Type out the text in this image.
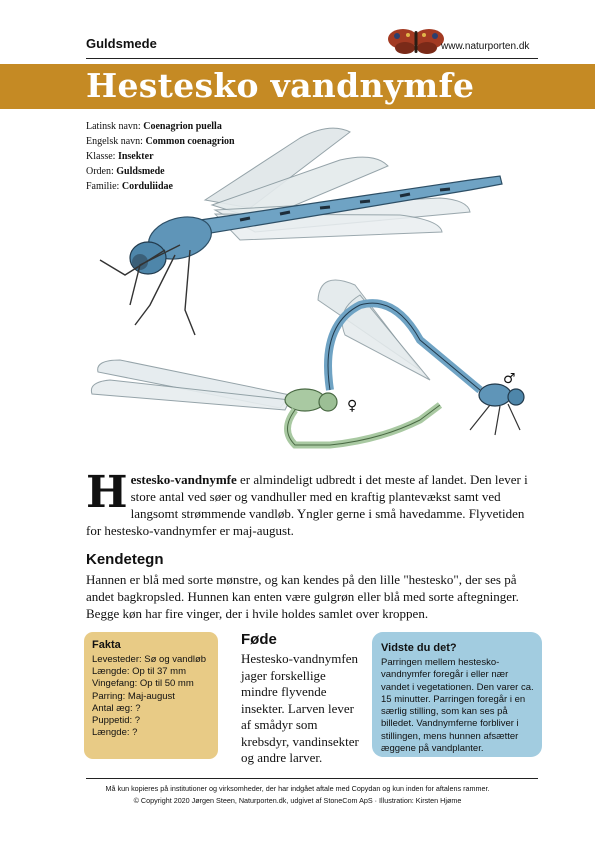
Guldsmede	www.naturporten.dk
Hestesko vandnymfe
Latinsk navn: Coenagrion puella
Engelsk navn: Common coenagrion
Klasse: Insekter
Orden: Guldsmede
Familie: Corduliidae
♀
♂
Hestesko-vandnymfe er almindeligt udbredt i det meste af landet. Den lever i store antal ved søer og vandhuller med en kraftig plantevækst samt ved langsomt strømmende vandløb. Yngler gerne i små havedamme. Flyvetiden for hestesko-vandnymfer er maj-august.
Kendetegn
Hannen er blå med sorte mønstre, og kan kendes på den lille "hestesko", der ses på andet bagkropsled. Hunnen kan enten være gulgrøn eller blå med sorte aftegninger. Begge køn har fire vinger, der i hvile holdes samlet over kroppen.
Fakta
Levesteder: Sø og vandløb
Længde: Op til 37 mm
Vingefang: Op til 50 mm
Parring: Maj-august
Antal æg: ?
Puppetid: ?
Længde: ?
Føde
Hestesko-vandnymfen jager forskellige mindre flyvende insekter. Larven lever af smådyr som krebsdyr, vandinsekter og andre larver.
Vidste du det?
Parringen mellem hestesko-vandnymfer foregår i eller nær vandet i vegetationen. Den varer ca. 15 minutter. Parringen foregår i en særlig stilling, som kan ses på billedet. Vandnymferne forbliver i stillingen, mens hunnen afsætter æggene på vandplanter.
Må kun kopieres på institutioner og virksomheder, der har indgået aftale med Copydan og kun inden for aftalens rammer.
© Copyright 2020 Jørgen Steen, Naturporten.dk, udgivet af StoneCom ApS · Illustration: Kirsten Hjøme
